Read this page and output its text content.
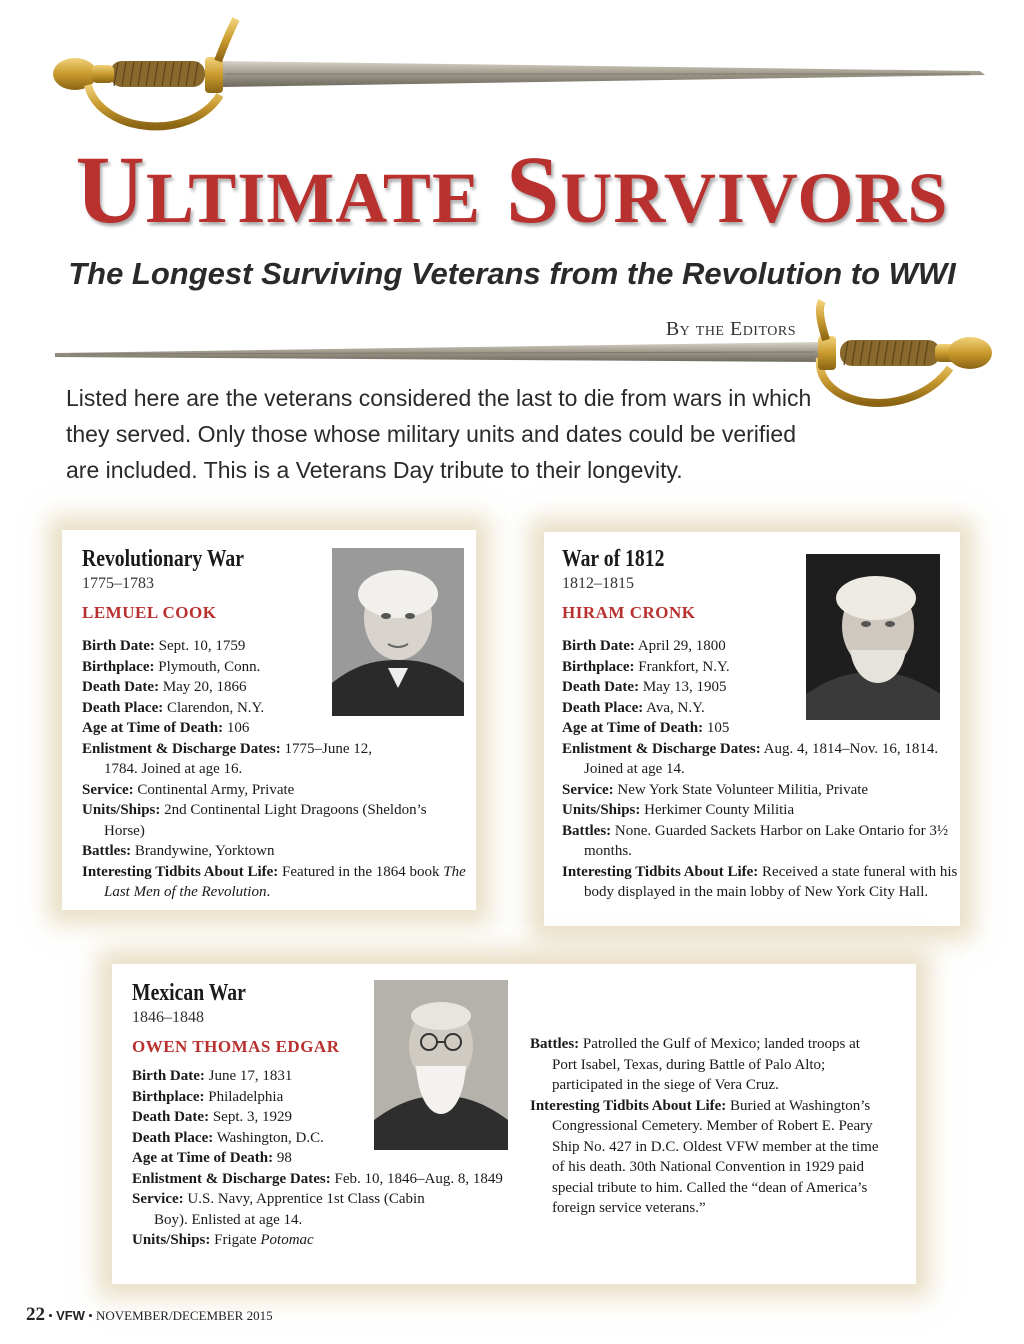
ULTIMATE SURVIVORS
The Longest Surviving Veterans from the Revolution to WWI
By the Editors
Listed here are the veterans considered the last to die from wars in which they served. Only those whose military units and dates could be verified are included. This is a Veterans Day tribute to their longevity.
Revolutionary War
1775–1783
LEMUEL COOK
Birth Date: Sept. 10, 1759
Birthplace: Plymouth, Conn.
Death Date: May 20, 1866
Death Place: Clarendon, N.Y.
Age at Time of Death: 106
Enlistment & Discharge Dates: 1775–June 12, 1784. Joined at age 16.
Service: Continental Army, Private
Units/Ships: 2nd Continental Light Dragoons (Sheldon’s Horse)
Battles: Brandywine, Yorktown
Interesting Tidbits About Life: Featured in the 1864 book The Last Men of the Revolution.
War of 1812
1812–1815
HIRAM CRONK
Birth Date: April 29, 1800
Birthplace: Frankfort, N.Y.
Death Date: May 13, 1905
Death Place: Ava, N.Y.
Age at Time of Death: 105
Enlistment & Discharge Dates: Aug. 4, 1814–Nov. 16, 1814. Joined at age 14.
Service: New York State Volunteer Militia, Private
Units/Ships: Herkimer County Militia
Battles: None. Guarded Sackets Harbor on Lake Ontario for 3½ months.
Interesting Tidbits About Life: Received a state funeral with his body displayed in the main lobby of New York City Hall.
Mexican War
1846–1848
OWEN THOMAS EDGAR
Birth Date: June 17, 1831
Birthplace: Philadelphia
Death Date: Sept. 3, 1929
Death Place: Washington, D.C.
Age at Time of Death: 98
Enlistment & Discharge Dates: Feb. 10, 1846–Aug. 8, 1849
Service: U.S. Navy, Apprentice 1st Class (Cabin Boy). Enlisted at age 14.
Units/Ships: Frigate Potomac
Battles: Patrolled the Gulf of Mexico; landed troops at Port Isabel, Texas, during Battle of Palo Alto; participated in the siege of Vera Cruz.
Interesting Tidbits About Life: Buried at Washington’s Congressional Cemetery. Member of Robert E. Peary Ship No. 427 in D.C. Oldest VFW member at the time of his death. 30th National Convention in 1929 paid special tribute to him. Called the “dean of America’s foreign service veterans.”
22 • VFW • NOVEMBER/DECEMBER 2015
